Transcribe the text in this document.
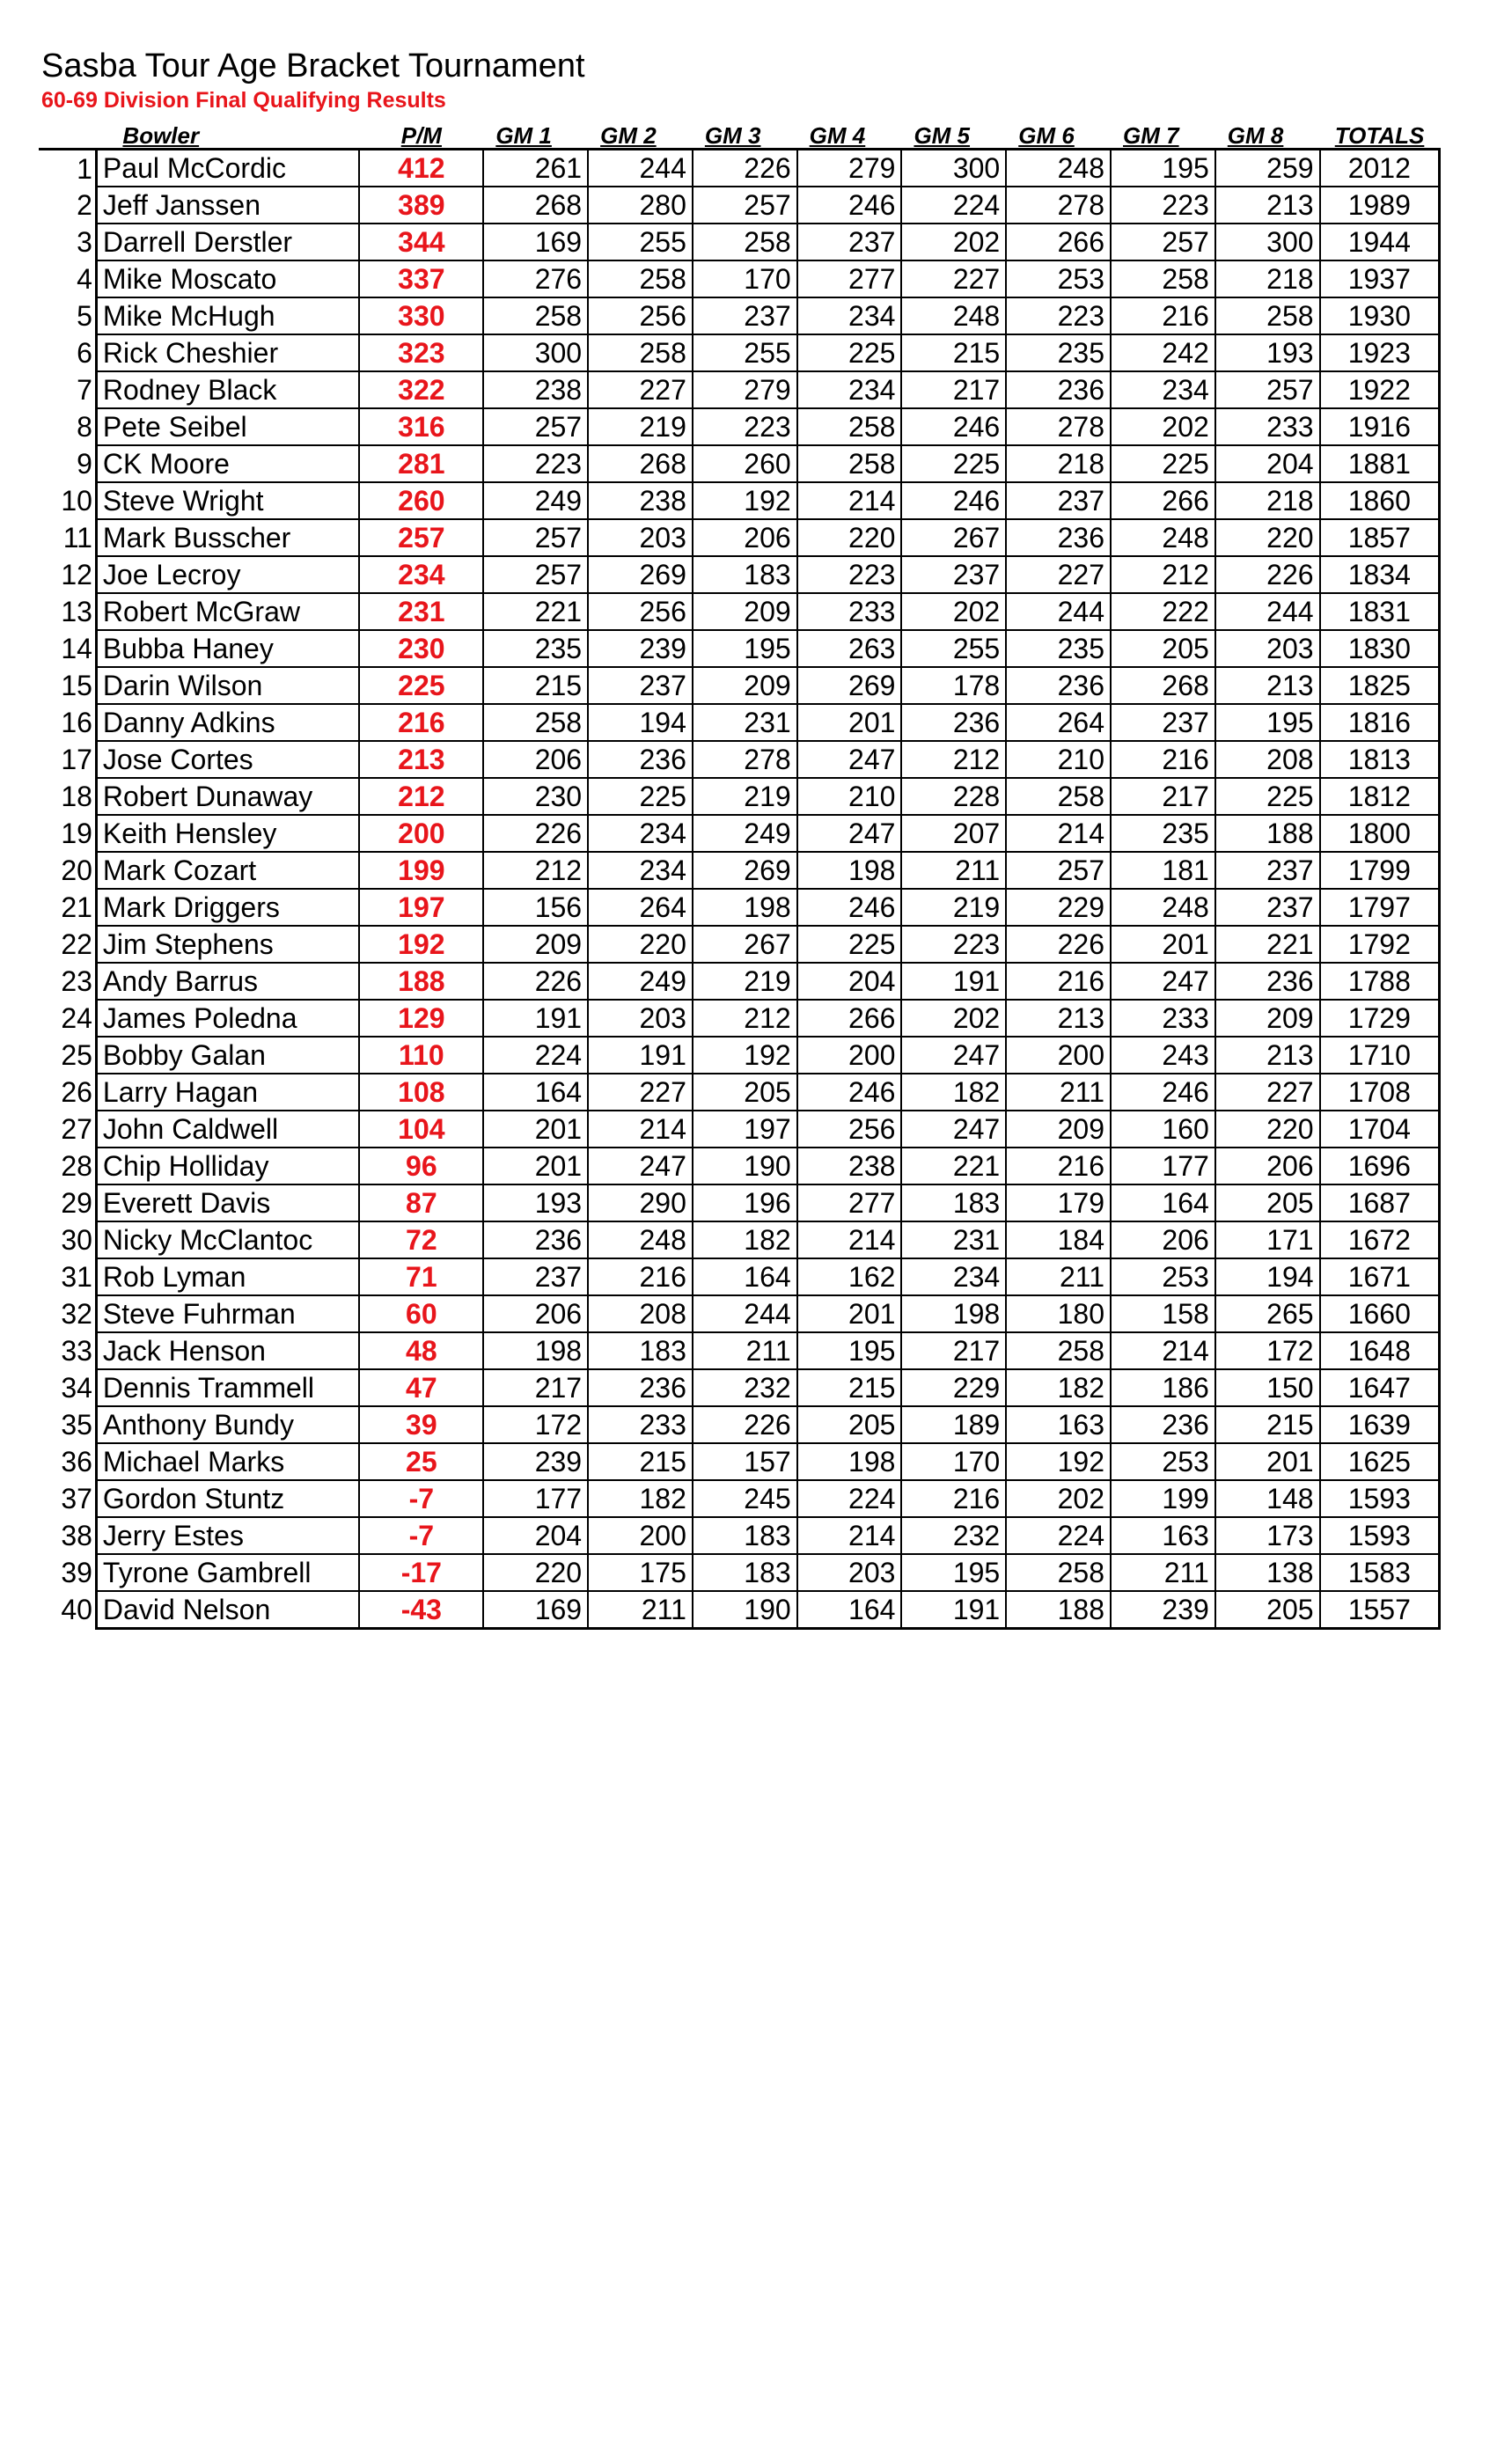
Sasba Tour Age Bracket Tournament
60-69 Division Final Qualifying Results
	Bowler	P/M	GM 1	GM 2	GM 3	GM 4	GM 5	GM 6	GM 7	GM 8	TOTALS
1	Paul McCordic	412	261	244	226	279	300	248	195	259	2012
2	Jeff Janssen	389	268	280	257	246	224	278	223	213	1989
3	Darrell Derstler	344	169	255	258	237	202	266	257	300	1944
4	Mike Moscato	337	276	258	170	277	227	253	258	218	1937
5	Mike McHugh	330	258	256	237	234	248	223	216	258	1930
6	Rick Cheshier	323	300	258	255	225	215	235	242	193	1923
7	Rodney Black	322	238	227	279	234	217	236	234	257	1922
8	Pete Seibel	316	257	219	223	258	246	278	202	233	1916
9	CK Moore	281	223	268	260	258	225	218	225	204	1881
10	Steve Wright	260	249	238	192	214	246	237	266	218	1860
11	Mark Busscher	257	257	203	206	220	267	236	248	220	1857
12	Joe Lecroy	234	257	269	183	223	237	227	212	226	1834
13	Robert McGraw	231	221	256	209	233	202	244	222	244	1831
14	Bubba Haney	230	235	239	195	263	255	235	205	203	1830
15	Darin Wilson	225	215	237	209	269	178	236	268	213	1825
16	Danny Adkins	216	258	194	231	201	236	264	237	195	1816
17	Jose Cortes	213	206	236	278	247	212	210	216	208	1813
18	Robert Dunaway	212	230	225	219	210	228	258	217	225	1812
19	Keith Hensley	200	226	234	249	247	207	214	235	188	1800
20	Mark Cozart	199	212	234	269	198	211	257	181	237	1799
21	Mark Driggers	197	156	264	198	246	219	229	248	237	1797
22	Jim Stephens	192	209	220	267	225	223	226	201	221	1792
23	Andy Barrus	188	226	249	219	204	191	216	247	236	1788
24	James Poledna	129	191	203	212	266	202	213	233	209	1729
25	Bobby Galan	110	224	191	192	200	247	200	243	213	1710
26	Larry Hagan	108	164	227	205	246	182	211	246	227	1708
27	John Caldwell	104	201	214	197	256	247	209	160	220	1704
28	Chip Holliday	96	201	247	190	238	221	216	177	206	1696
29	Everett Davis	87	193	290	196	277	183	179	164	205	1687
30	Nicky McClantoc	72	236	248	182	214	231	184	206	171	1672
31	Rob Lyman	71	237	216	164	162	234	211	253	194	1671
32	Steve Fuhrman	60	206	208	244	201	198	180	158	265	1660
33	Jack Henson	48	198	183	211	195	217	258	214	172	1648
34	Dennis Trammell	47	217	236	232	215	229	182	186	150	1647
35	Anthony Bundy	39	172	233	226	205	189	163	236	215	1639
36	Michael Marks	25	239	215	157	198	170	192	253	201	1625
37	Gordon Stuntz	-7	177	182	245	224	216	202	199	148	1593
38	Jerry Estes	-7	204	200	183	214	232	224	163	173	1593
39	Tyrone Gambrell	-17	220	175	183	203	195	258	211	138	1583
40	David Nelson	-43	169	211	190	164	191	188	239	205	1557
